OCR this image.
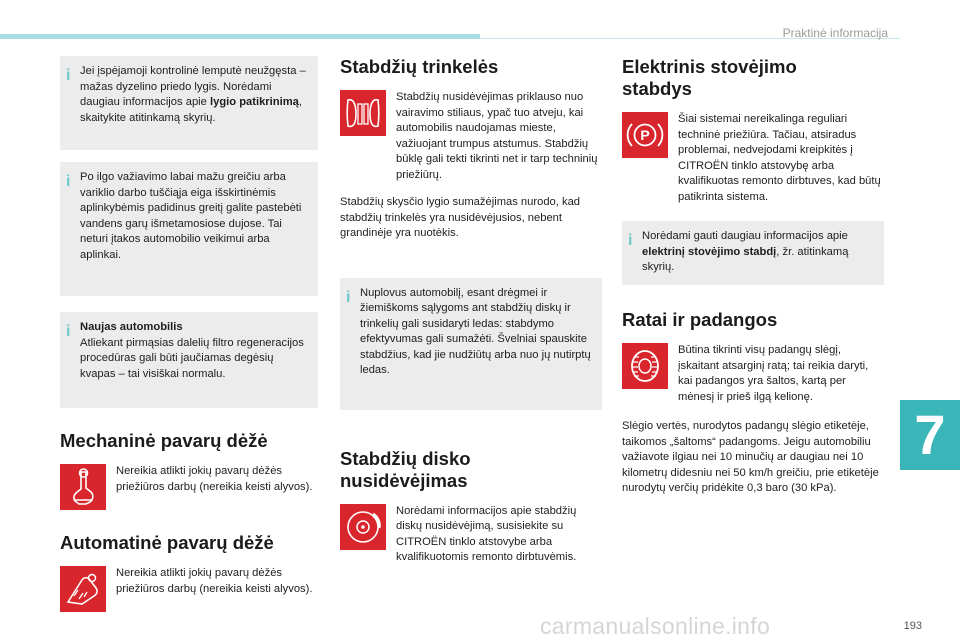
Praktinė informacija
i Jei įspėjamoji kontrolinė lemputė neužgęsta – mažas dyzelino priedo lygis. Norėdami daugiau informacijos apie lygio patikrinimą, skaitykite atitinkamą skyrių.
i Po ilgo važiavimo labai mažu greičiu arba variklio darbo tuščiąja eiga išskirtinėmis aplinkybėmis padidinus greitį galite pastebėti vandens garų išmetamosiose dujose. Tai neturi įtakos automobilio veikimui arba aplinkai.
i Naujas automobilis
Atliekant pirmąsias dalelių filtro regeneracijos procedūras gali būti jaučiamas degėsių kvapas – tai visiškai normalu.
Mechaninė pavarų dėžė
Nereikia atlikti jokių pavarų dėžės priežiūros darbų (nereikia keisti alyvos).
Automatinė pavarų dėžė
Nereikia atlikti jokių pavarų dėžės priežiūros darbų (nereikia keisti alyvos).
Stabdžių trinkelės
Stabdžių nusidėvėjimas priklauso nuo vairavimo stiliaus, ypač tuo atveju, kai automobilis naudojamas mieste, važiuojant trumpus atstumus. Stabdžių būklę gali tekti tikrinti net ir tarp techninių priežiūrų.
Stabdžių skysčio lygio sumažėjimas nurodo, kad stabdžių trinkelės yra nusidėvėjusios, nebent grandinėje yra nuotėkis.
i Nuplovus automobilį, esant drėgmei ir žiemiškoms sąlygoms ant stabdžių diskų ir trinkelių gali susidaryti ledas: stabdymo efektyvumas gali sumažėti. Švelniai spauskite stabdžius, kad jie nudžiūtų arba nuo jų nutirptų ledas.
Stabdžių disko nusidėvėjimas
Norėdami informacijos apie stabdžių diskų nusidėvėjimą, susisiekite su CITROËN tinklo atstovybe arba kvalifikuotomis remonto dirbtuvėmis.
Elektrinis stovėjimo
stabdys
P
Šiai sistemai nereikalinga reguliari techninė priežiūra. Tačiau, atsiradus problemai, nedvejodami kreipkitės į CITROËN tinklo atstovybę arba kvalifikuotas remonto dirbtuves, kad būtų patikrinta sistema.
i Norėdami gauti daugiau informacijos apie elektrinį stovėjimo stabdį, žr. atitinkamą skyrių.
Ratai ir padangos
Būtina tikrinti visų padangų slėgį, įskaitant atsarginį ratą; tai reikia daryti, kai padangos yra šaltos, kartą per mėnesį ir prieš ilgą kelionę.
Slėgio vertės, nurodytos padangų slėgio etiketėje, taikomos „šaltoms“ padangoms. Jeigu automobiliu važiavote ilgiau nei 10 minučių ar daugiau nei 10 kilometrų didesniu nei 50 km/h greičiu, prie etiketėje nurodytų verčių pridėkite 0,3 baro (30 kPa).
7
193
carmanualsonline.info
